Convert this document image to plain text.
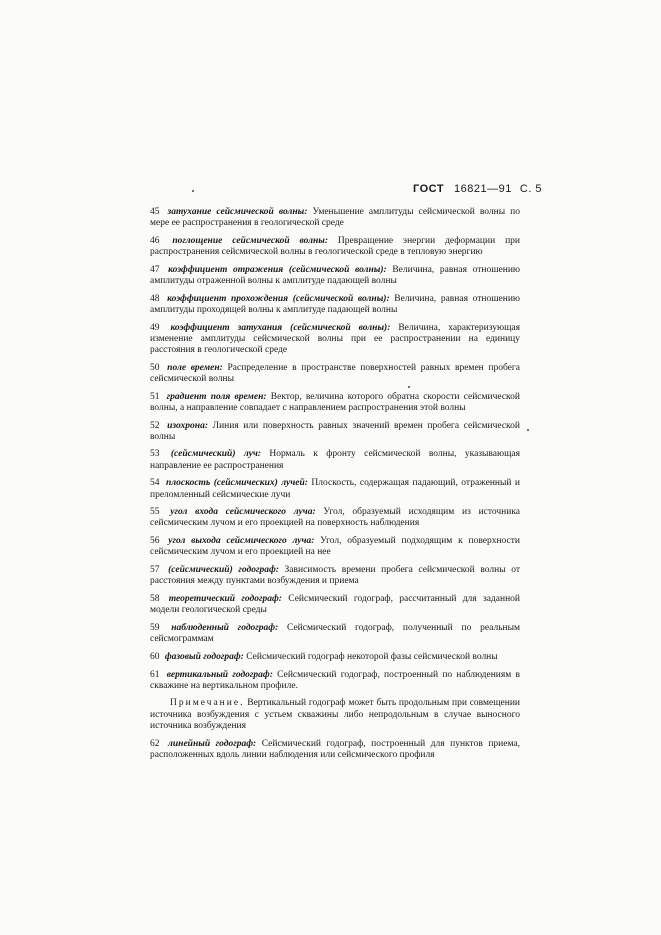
ГОСТ 16821—91 С. 5

45 затухание сейсмической волны: Уменьшение амплитуды сейсмической волны по мере ее распространения в геологической среде

46 поглощение сейсмической волны: Превращение энергии деформации при распространения сейсмической волны в геологической среде в тепловую энергию

47 коэффициент отражения (сейсмической волны): Величина, равная отношению амплитуды отраженной волны к амплитуде падающей волны

48 коэффициент прохождения (сейсмической волны): Величина, равная отношению амплитуды проходящей волны к амплитуде падающей волны

49 коэффициент затухания (сейсмической волны): Величина, характеризующая изменение амплитуды сейсмической волны при ее распространении на единицу расстояния в геологической среде

50 поле времен: Распределение в пространстве поверхностей равных времен пробега сейсмической волны

51 градиент поля времен: Вектор, величина которого обратна скорости сейсмической волны, а направление совпадает с направлением распространения этой волны

52 изохрона: Линия или поверхность равных значений времен пробега сейсмической волны

53 (сейсмический) луч: Нормаль к фронту сейсмической волны, указывающая направление ее распространения

54 плоскость (сейсмических) лучей: Плоскость, содержащая падающий, отраженный и преломленный сейсмические лучи

55 угол входа сейсмического луча: Угол, образуемый исходящим из источника сейсмическим лучом и его проекцией на поверхность наблюдения

56 угол выхода сейсмического луча: Угол, образуемый подходящим к поверхности сейсмическим лучом и его проекцией на нее

57 (сейсмический) годограф: Зависимость времени пробега сейсмической волны от расстояния между пунктами возбуждения и приема

58 теоретический годограф: Сейсмический годограф, рассчитанный для заданной модели геологической среды

59 наблюденный годограф: Сейсмический годограф, полученный по реальным сейсмограммам

60 фазовый годограф: Сейсмический годограф некоторой фазы сейсмической волны

61 вертикальный годограф: Сейсмический годограф, построенный по наблюдениям в скважине на вертикальном профиле.

Примечание. Вертикальный годограф может быть продольным при совмещении источника возбуждения с устьем скважины либо непродольным в случае выносного источника возбуждения

62 линейный годограф: Сейсмический годограф, построенный для пунктов приема, расположенных вдоль линии наблюдения или сейсмического профиля
